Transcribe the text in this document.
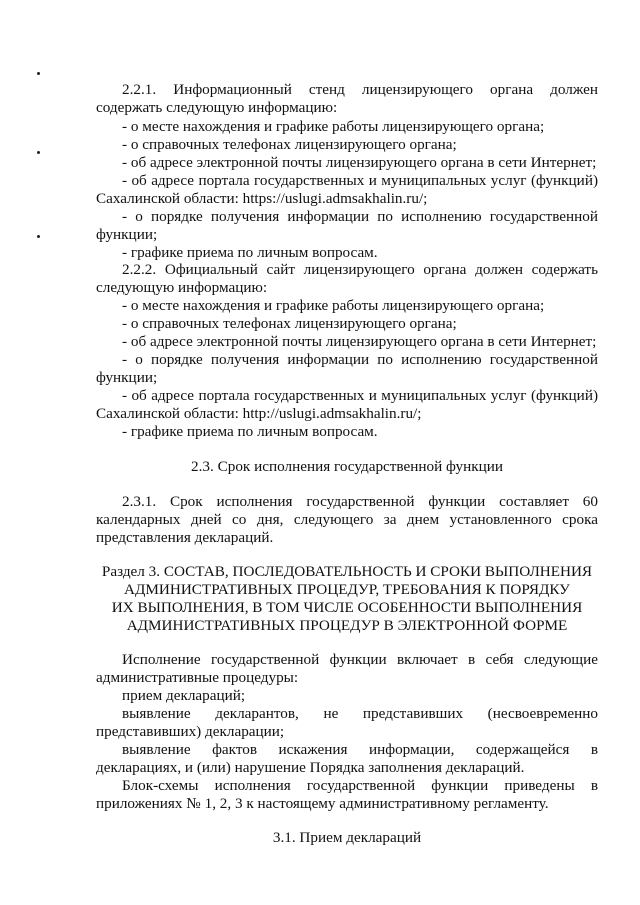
2.2.1. Информационный стенд лицензирующего органа должен
содержать следующую информацию:
- о месте нахождения и графике работы лицензирующего органа;
- о справочных телефонах лицензирующего органа;
- об адресе электронной почты лицензирующего органа в сети Интернет;
- об адресе портала государственных и муниципальных услуг (функций)
Сахалинской области: https://uslugi.admsakhalin.ru/;
- о порядке получения информации по исполнению государственной
функции;
- графике приема по личным вопросам.
2.2.2. Официальный сайт лицензирующего органа должен содержать
следующую информацию:
- о месте нахождения и графике работы лицензирующего органа;
- о справочных телефонах лицензирующего органа;
- об адресе электронной почты лицензирующего органа в сети Интернет;
- о порядке получения информации по исполнению государственной
функции;
- об адресе портала государственных и муниципальных услуг (функций)
Сахалинской области: http://uslugi.admsakhalin.ru/;
- графике приема по личным вопросам.
2.3. Срок исполнения государственной функции
2.3.1. Срок исполнения государственной функции составляет 60
календарных дней со дня, следующего за днем установленного срока
представления деклараций.
Раздел 3. СОСТАВ, ПОСЛЕДОВАТЕЛЬНОСТЬ И СРОКИ ВЫПОЛНЕНИЯ
АДМИНИСТРАТИВНЫХ ПРОЦЕДУР, ТРЕБОВАНИЯ К ПОРЯДКУ
ИХ ВЫПОЛНЕНИЯ, В ТОМ ЧИСЛЕ ОСОБЕННОСТИ ВЫПОЛНЕНИЯ
АДМИНИСТРАТИВНЫХ ПРОЦЕДУР В ЭЛЕКТРОННОЙ ФОРМЕ
Исполнение государственной функции включает в себя следующие
административные процедуры:
прием деклараций;
выявление декларантов, не представивших (несвоевременно
представивших) декларации;
выявление фактов искажения информации, содержащейся в
декларациях, и (или) нарушение Порядка заполнения деклараций.
Блок-схемы исполнения государственной функции приведены в
приложениях № 1, 2, 3 к настоящему административному регламенту.
3.1. Прием деклараций
